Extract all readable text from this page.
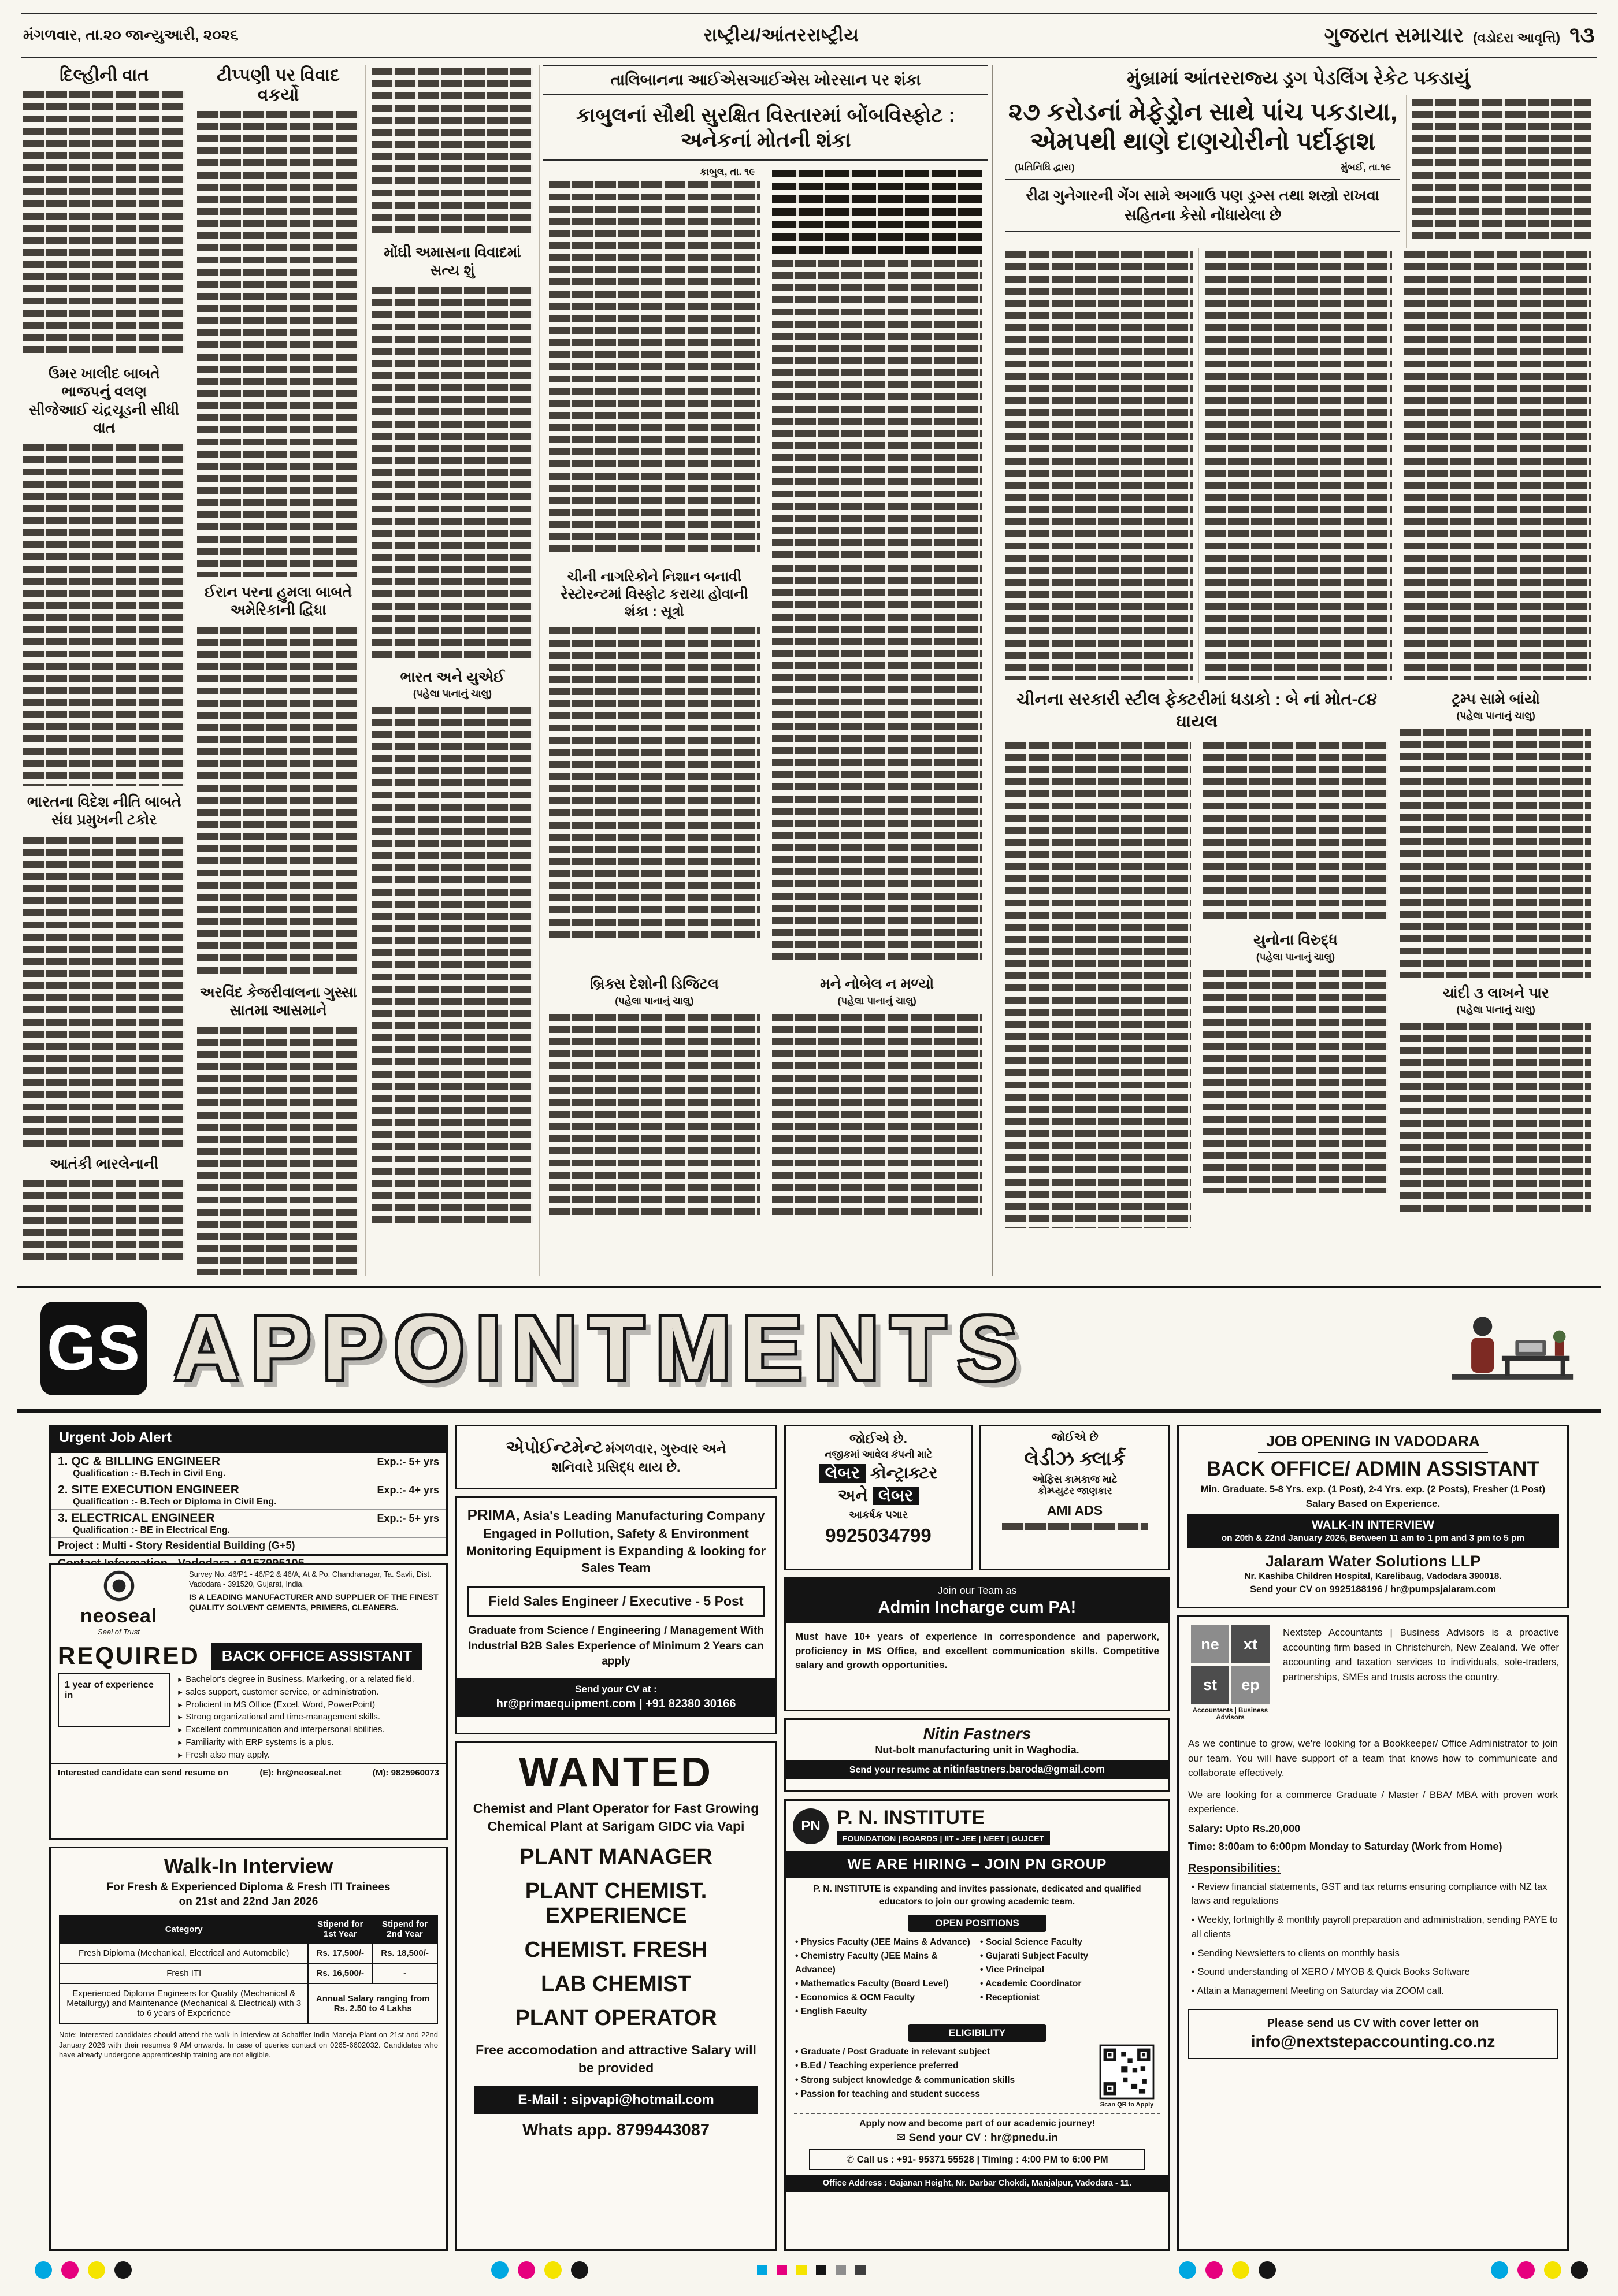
મંગળવાર, તા.૨૦ જાન્યુઆરી, ૨૦૨૬	રાષ્ટ્રીય/આંતરરાષ્ટ્રીય	ગુજરાત સમાચાર (વડોદરા આવૃત્તિ) ૧૩
દિલ્હીની વાત
ઉમર ખાલીદ બાબતે ભાજપનું વલણ
સીજેઆઈ ચંદ્રચૂડની સીધી વાત
ભારતના વિદેશ નીતિ બાબતે
સંઘ પ્રમુખની ટકોર
આતંકી ભારલેનાની
ટીપ્પણી પર વિવાદ વકર્યો
ઈરાન પરના હુમલા બાબતે
અમેરિકાની દ્વિધા
અરવિંદ કેજરીવાલના ગુસ્સા
સાતમા આસમાને
મોંઘી અમાસના વિવાદમાં
સત્ય શું
ભારત અને યુએઈ
(પહેલા પાનાનું ચાલુ)
તાલિબાનના આઈએસઆઈએસ ખોરસાન પર શંકા
કાબુલનાં સૌથી સુરક્ષિત વિસ્તારમાં બોંબવિસ્ફોટ : અનેકનાં મોતની શંકા
કાબુલ, તા. ૧૯
ચીની નાગરિકોને નિશાન બનાવી રેસ્ટોરન્ટમાં વિસ્ફોટ કરાયા હોવાની શંકા : સૂત્રો
બ્રિક્સ દેશોની ડિજિટલ
(પહેલા પાનાનું ચાલુ)
મને નોબેલ ન મળ્યો
(પહેલા પાનાનું ચાલુ)
મુંબ્રામાં આંતરરાજ્ય ડ્રગ પેડલિંગ રેકેટ પકડાયું
૨૭ કરોડનાં મેફેડ્રોન સાથે પાંચ પકડાયા, એમપથી થાણે દાણચોરીનો પર્દાફાશ
(પ્રતિનિધિ દ્વારા)	મુંબઈ, તા.૧૯
રીઢા ગુનેગારની ગેંગ સામે અગાઉ પણ ડ્રગ્સ તથા શસ્ત્રો રાખવા સહિતના કેસો નોંધાયેલા છે
ચીનના સરકારી સ્ટીલ ફેક્ટરીમાં ધડાકો : બે નાં મોત-૮૪ ઘાયલ
યુનોના વિરુદ્ધ
(પહેલા પાનાનું ચાલુ)
ટ્રમ્પ સામે બાંયો
(પહેલા પાનાનું ચાલુ)
ચાંદી ૩ લાખને પાર
(પહેલા પાનાનું ચાલુ)
GS APPOINTMENTS
Urgent Job Alert
1. QC & BILLING ENGINEER	Exp.:- 5+ yrs
Qualification :- B.Tech in Civil Eng.
2. SITE EXECUTION ENGINEER	Exp.:- 4+ yrs
Qualification :- B.Tech or Diploma in Civil Eng.
3. ELECTRICAL ENGINEER	Exp.:- 5+ yrs
Qualification :- BE in Electrical Eng.
Project : Multi - Story Residential Building (G+5)
neoseal
Seal of Trust
Survey No. 46/P1 - 46/P2 & 46/A, At & Po. Chandranagar, Ta. Savli, Dist. Vadodara - 391520, Gujarat, India.
IS A LEADING MANUFACTURER AND SUPPLIER OF THE FINEST QUALITY SOLVENT CEMENTS, PRIMERS, CLEANERS.
REQUIRED	BACK OFFICE ASSISTANT
1 year of experience in
► Bachelor's degree in Business, Marketing, or a related field.
► sales support, customer service, or administration.
► Proficient in MS Office (Excel, Word, PowerPoint)
► Strong organizational and time-management skills.
► Excellent communication and interpersonal abilities.
► Familiarity with ERP systems is a plus.
► Fresh also may apply.
Interested candidate can send resume on	(E): hr@neoseal.net	(M): 9825960073
Walk-In Interview
For Fresh & Experienced Diploma & Fresh ITI Trainees
on 21st and 22nd Jan 2026
Category	Stipend for 1st Year	Stipend for 2nd Year
Fresh Diploma (Mechanical, Electrical and Automobile)	Rs. 17,500/-	Rs. 18,500/-
Fresh ITI	Rs. 16,500/-	-
Experienced Diploma Engineers for Quality (Mechanical & Metallurgy) and Maintenance (Mechanical & Electrical) with 3 to 6 years of Experience	Annual Salary ranging from Rs. 2.50 to 4 Lakhs	
Note: Interested candidates should attend the walk-in interview at Schaffler India Maneja Plant on 21st and 22nd January 2026 with their resumes 9 AM onwards. In case of queries contact on 0265-6602032. Candidates who have already undergone apprenticeship training are not eligible.
એપોઈન્ટમેન્ટ મંગળવાર, ગુરુવાર અને
શનિવારે પ્રસિદ્ધ થાય છે.
PRIMA, Asia's Leading Manufacturing Company Engaged in Pollution, Safety & Environment Monitoring Equipment is Expanding & looking for Sales Team
Field Sales Engineer / Executive - 5 Post
Graduate from Science / Engineering / Management With Industrial B2B Sales Experience of Minimum 2 Years can apply
Send your CV at :
hr@primaequipment.com | +91 82380 30166
WANTED
Chemist and Plant Operator for Fast Growing Chemical Plant at Sarigam GIDC via Vapi
PLANT MANAGER
PLANT CHEMIST. EXPERIENCE
CHEMIST. FRESH
LAB CHEMIST
PLANT OPERATOR
Free accomodation and attractive Salary will be provided
E-Mail : sipvapi@hotmail.com
Whats app. 8799443087
જોઈએ છે.
નજીકમાં આવેલ કંપની માટે
લેબર કોન્ટ્રાક્ટર
અને લેબર
આકર્ષક પગાર
9925034799
જોઈએ છે
લેડીઝ ક્લાર્ક
ઓફિસ કામકાજ માટે
કોમ્પ્યુટર જાણકાર
AMI ADS
Join our Team as
Admin Incharge cum PA!
Must have 10+ years of experience in correspondence and paperwork, proficiency in MS Office, and excellent communication skills. Competitive salary and growth opportunities.
Nitin Fastners
Nut-bolt manufacturing unit in Waghodia.
Send your resume at nitinfastners.baroda@gmail.com
PN P. N. INSTITUTE
FOUNDATION | BOARDS | IIT - JEE | NEET | GUJCET
WE ARE HIRING – JOIN PN GROUP
P. N. INSTITUTE is expanding and invites passionate, dedicated and qualified educators to join our growing academic team.
OPEN POSITIONS
• Physics Faculty (JEE Mains & Advance)
• Chemistry Faculty (JEE Mains & Advance)
• Mathematics Faculty (Board Level)
• Economics & OCM Faculty
• English Faculty
• Social Science Faculty
• Gujarati Subject Faculty
• Vice Principal
• Academic Coordinator
• Receptionist
ELIGIBILITY
• Graduate / Post Graduate in relevant subject
• B.Ed / Teaching experience preferred
• Strong subject knowledge & communication skills
• Passion for teaching and student success
Scan QR to Apply
Apply now and become part of our academic journey!
✉ Send your CV : hr@pnedu.in
✆ Call us : +91- 95371 55528 | Timing : 4:00 PM to 6:00 PM
Office Address : Gajanan Height, Nr. Darbar Chokdi, Manjalpur, Vadodara - 11.
JOB OPENING IN VADODARA
BACK OFFICE/ ADMIN ASSISTANT
Min. Graduate. 5-8 Yrs. exp. (1 Post), 2-4 Yrs. exp. (2 Posts), Fresher (1 Post)
Salary Based on Experience.
WALK-IN INTERVIEW
on 20th & 22nd January 2026, Between 11 am to 1 pm and 3 pm to 5 pm
Jalaram Water Solutions LLP
Nr. Kashiba Children Hospital, Karelibaug, Vadodara 390018.
Send your CV on 9925188196 / hr@pumpsjalaram.com
ne	xt
st	ep
Accountants | Business Advisors
Nextstep Accountants | Business Advisors is a proactive accounting firm based in Christchurch, New Zealand. We offer accounting and taxation services to individuals, sole-traders, partnerships, SMEs and trusts across the country.
As we continue to grow, we're looking for a Bookkeeper/ Office Administrator to join our team. You will have support of a team that knows how to communicate and collaborate effectively.
We are looking for a commerce Graduate / Master / BBA/ MBA with proven work experience.
Salary: Upto Rs.20,000
Time: 8:00am to 6:00pm Monday to Saturday (Work from Home)
Responsibilities:
▪ Review financial statements, GST and tax returns ensuring compliance with NZ tax laws and regulations
▪ Weekly, fortnightly & monthly payroll preparation and administration, sending PAYE to all clients
▪ Sending Newsletters to clients on monthly basis
▪ Sound understanding of XERO / MYOB & Quick Books Software
▪ Attain a Management Meeting on Saturday via ZOOM call.
Please send us CV with cover letter on
info@nextstepaccounting.co.nz
